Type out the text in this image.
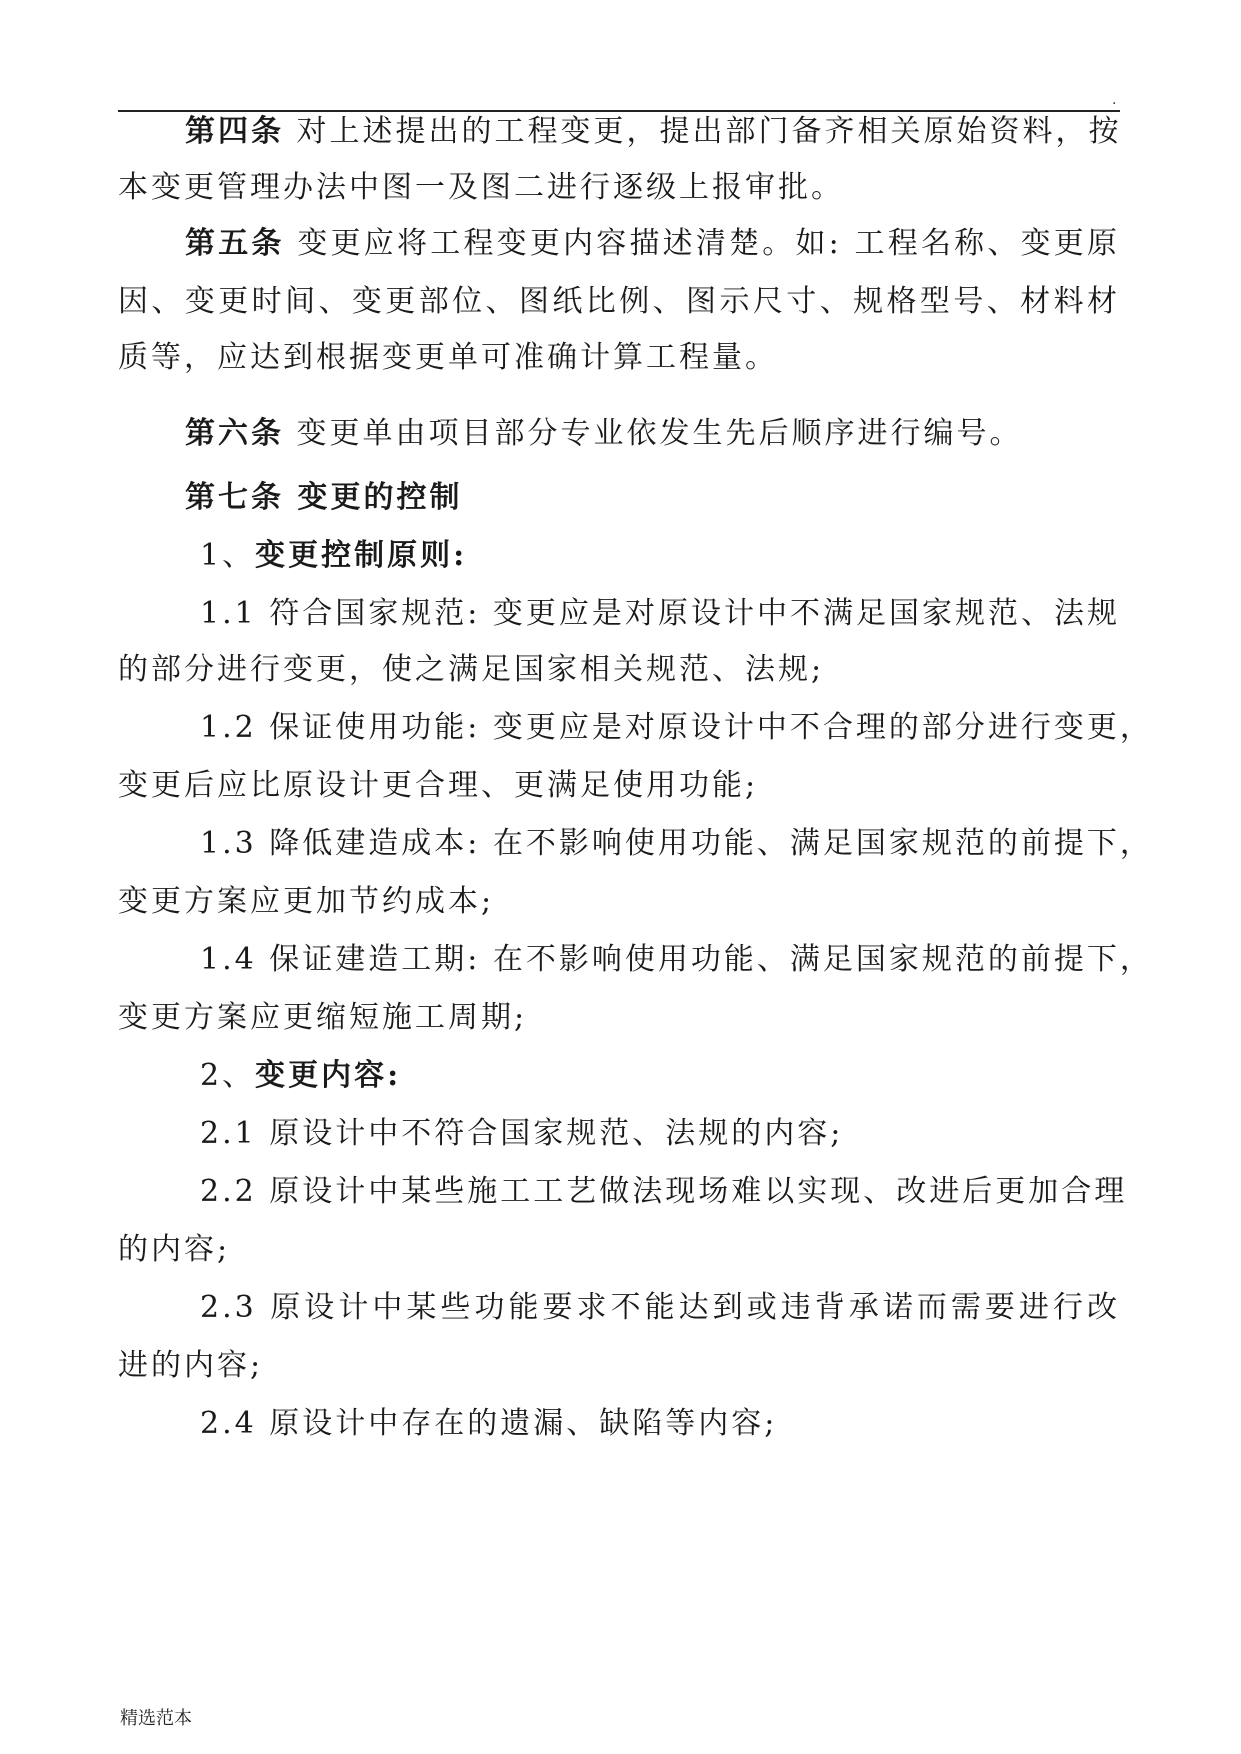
.
第四条 对上述提出的工程变更，提出部门备齐相关原始资料，按
本变更管理办法中图一及图二进行逐级上报审批。
第五条 变更应将工程变更内容描述清楚。如: 工程名称、变更原
因、变更时间、变更部位、图纸比例、图示尺寸、规格型号、材料材
质等，应达到根据变更单可准确计算工程量。
第六条 变更单由项目部分专业依发生先后顺序进行编号。
第七条 变更的控制
1、变更控制原则:
1.1 符合国家规范: 变更应是对原设计中不满足国家规范、法规
的部分进行变更，使之满足国家相关规范、法规;
1.2 保证使用功能: 变更应是对原设计中不合理的部分进行变更，
变更后应比原设计更合理、更满足使用功能;
1.3 降低建造成本: 在不影响使用功能、满足国家规范的前提下，
变更方案应更加节约成本;
1.4 保证建造工期: 在不影响使用功能、满足国家规范的前提下，
变更方案应更缩短施工周期;
2、变更内容:
2.1 原设计中不符合国家规范、法规的内容;
2.2 原设计中某些施工工艺做法现场难以实现、改进后更加合理
的内容;
2.3 原设计中某些功能要求不能达到或违背承诺而需要进行改
进的内容;
2.4 原设计中存在的遗漏、缺陷等内容;
精选范本
